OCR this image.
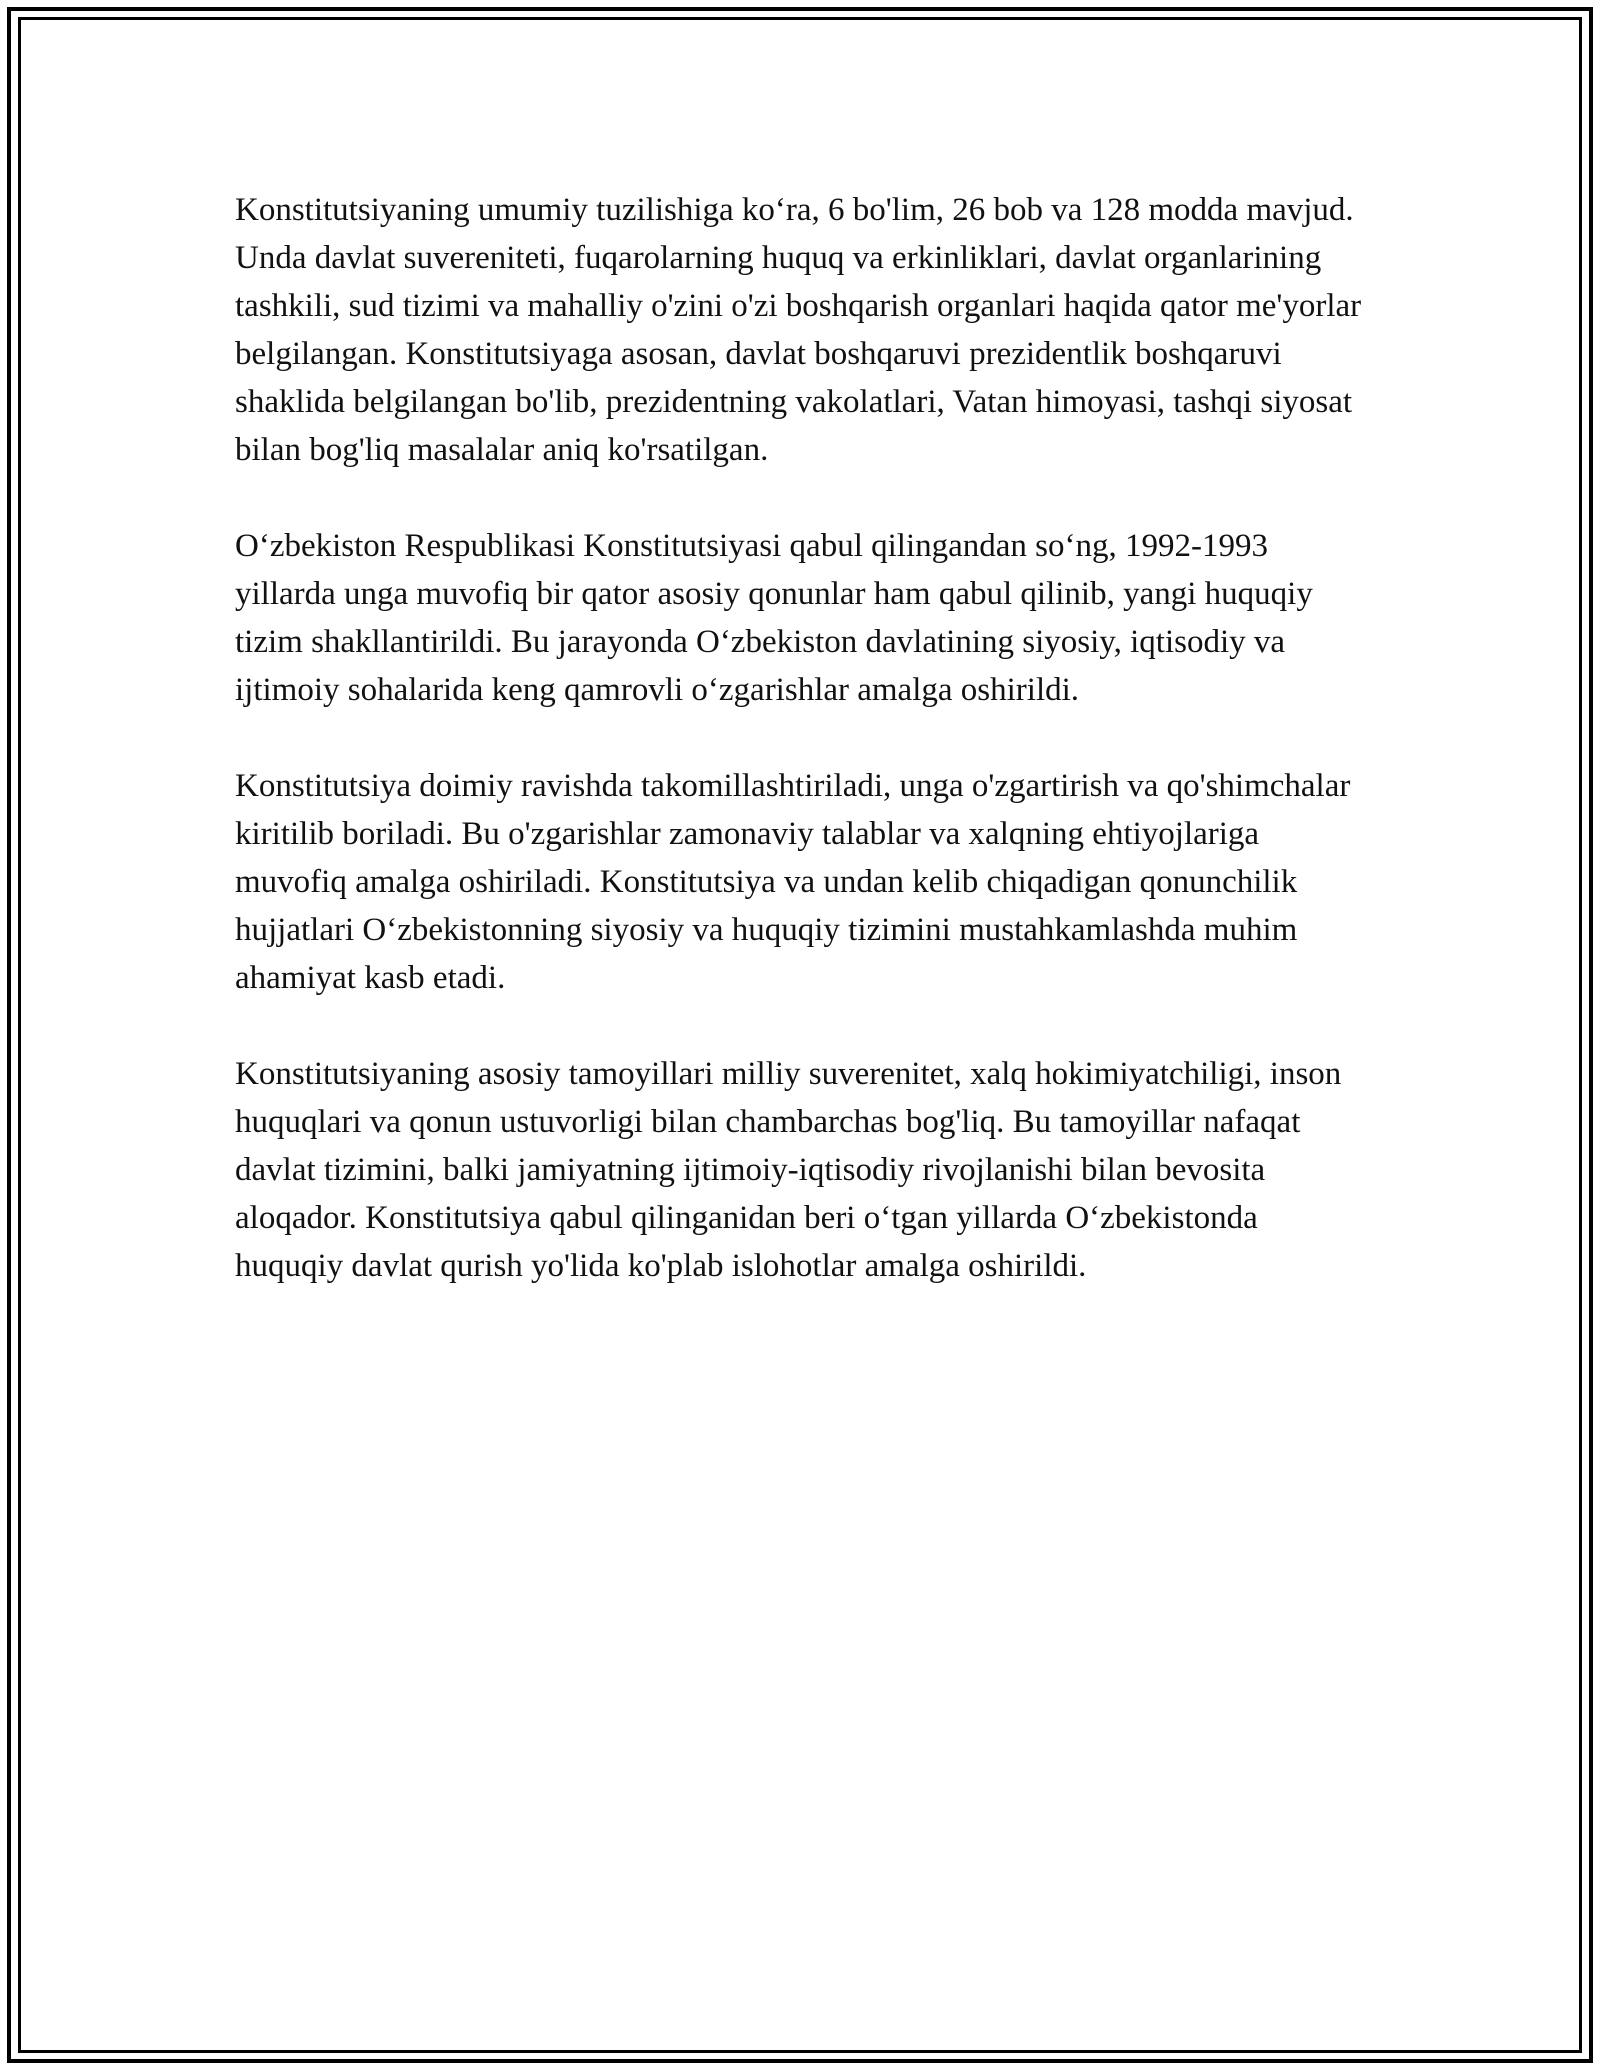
Konstitutsiyaning umumiy tuzilishiga ko‘ra, 6 bo'lim, 26 bob va 128 modda mavjud. Unda davlat suvereniteti, fuqarolarning huquq va erkinliklari, davlat organlarining tashkili, sud tizimi va mahalliy o'zini o'zi boshqarish organlari haqida qator me'yorlar belgilangan. Konstitutsiyaga asosan, davlat boshqaruvi prezidentlik boshqaruvi shaklida belgilangan bo'lib, prezidentning vakolatlari, Vatan himoyasi, tashqi siyosat bilan bog'liq masalalar aniq ko'rsatilgan.

O‘zbekiston Respublikasi Konstitutsiyasi qabul qilingandan so‘ng, 1992-1993 yillarda unga muvofiq bir qator asosiy qonunlar ham qabul qilinib, yangi huquqiy tizim shakllantirildi. Bu jarayonda O‘zbekiston davlatining siyosiy, iqtisodiy va ijtimoiy sohalarida keng qamrovli o‘zgarishlar amalga oshirildi.

Konstitutsiya doimiy ravishda takomillashtiriladi, unga o'zgartirish va qo'shimchalar kiritilib boriladi. Bu o'zgarishlar zamonaviy talablar va xalqning ehtiyojlariga muvofiq amalga oshiriladi. Konstitutsiya va undan kelib chiqadigan qonunchilik hujjatlari O‘zbekistonning siyosiy va huquqiy tizimini mustahkamlashda muhim ahamiyat kasb etadi.

Konstitutsiyaning asosiy tamoyillari milliy suverenitet, xalq hokimiyatchiligi, inson huquqlari va qonun ustuvorligi bilan chambarchas bog'liq. Bu tamoyillar nafaqat davlat tizimini, balki jamiyatning ijtimoiy-iqtisodiy rivojlanishi bilan bevosita aloqador. Konstitutsiya qabul qilinganidan beri o‘tgan yillarda O‘zbekistonda huquqiy davlat qurish yo'lida ko'plab islohotlar amalga oshirildi.
